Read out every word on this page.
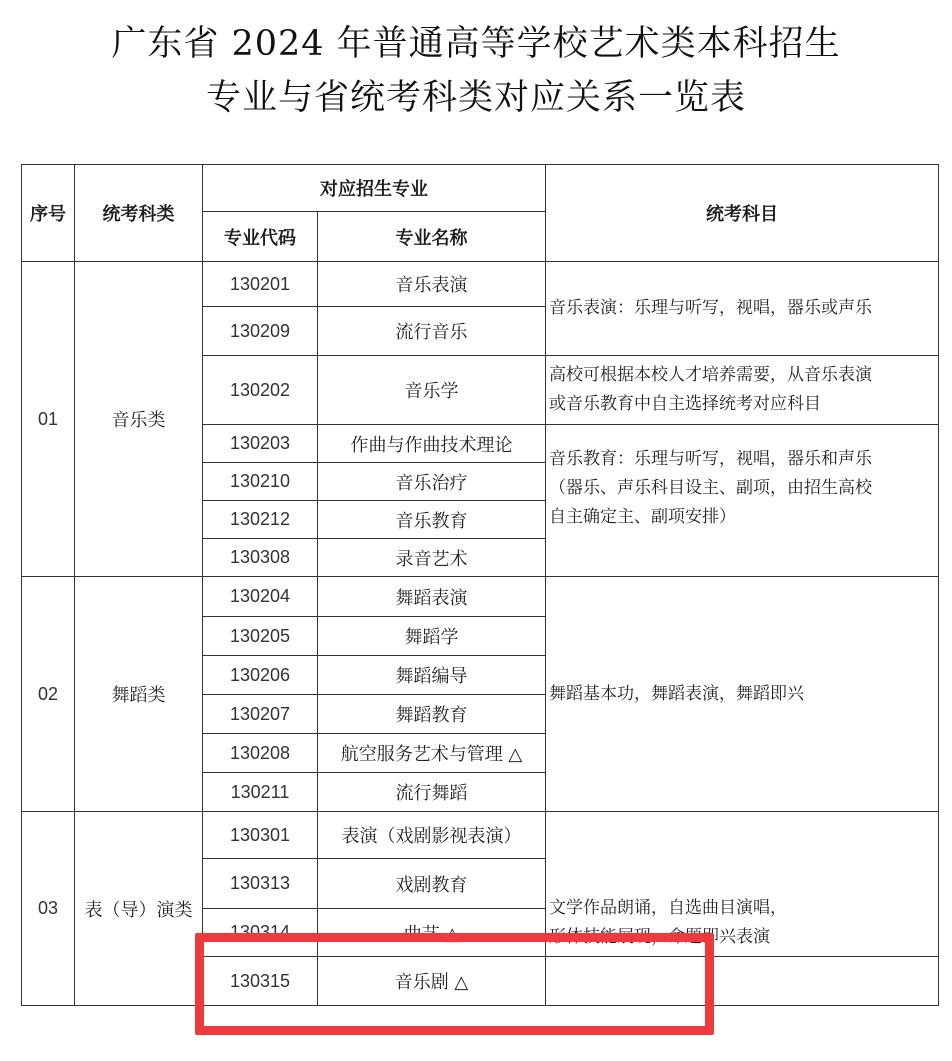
广东省 2024 年普通高等学校艺术类本科招生
专业与省统考科类对应关系一览表
序号	统考科类	对应招生专业		统考科目
		专业代码	专业名称	
01	音乐类	130201	音乐表演	音乐表演：乐理与听写，视唱，器乐或声乐

		130209	流行音乐	
		130202	音乐学	高校可根据本校人才培养需要，从音乐表演
或音乐教育中自主选择统考对应科目

		130203	作曲与作曲技术理论	音乐教育：乐理与听写，视唱，器乐和声乐
（器乐、声乐科目设主、副项，由招生高校
自主确定主、副项安排）

		130210	音乐治疗	
		130212	音乐教育	
		130308	录音艺术	
02	舞蹈类	130204	舞蹈表演	舞蹈基本功，舞蹈表演，舞蹈即兴

		130205	舞蹈学	
		130206	舞蹈编导	
		130207	舞蹈教育	
		130208	航空服务艺术与管理 △	
		130211	流行舞蹈	
03	表（导）演类	130301	表演（戏剧影视表演）	文学作品朗诵，自选曲目演唱，
形体技能展现，命题即兴表演

		130313	戏剧教育	
		130314	曲艺 △	
		130315	音乐剧 △	
